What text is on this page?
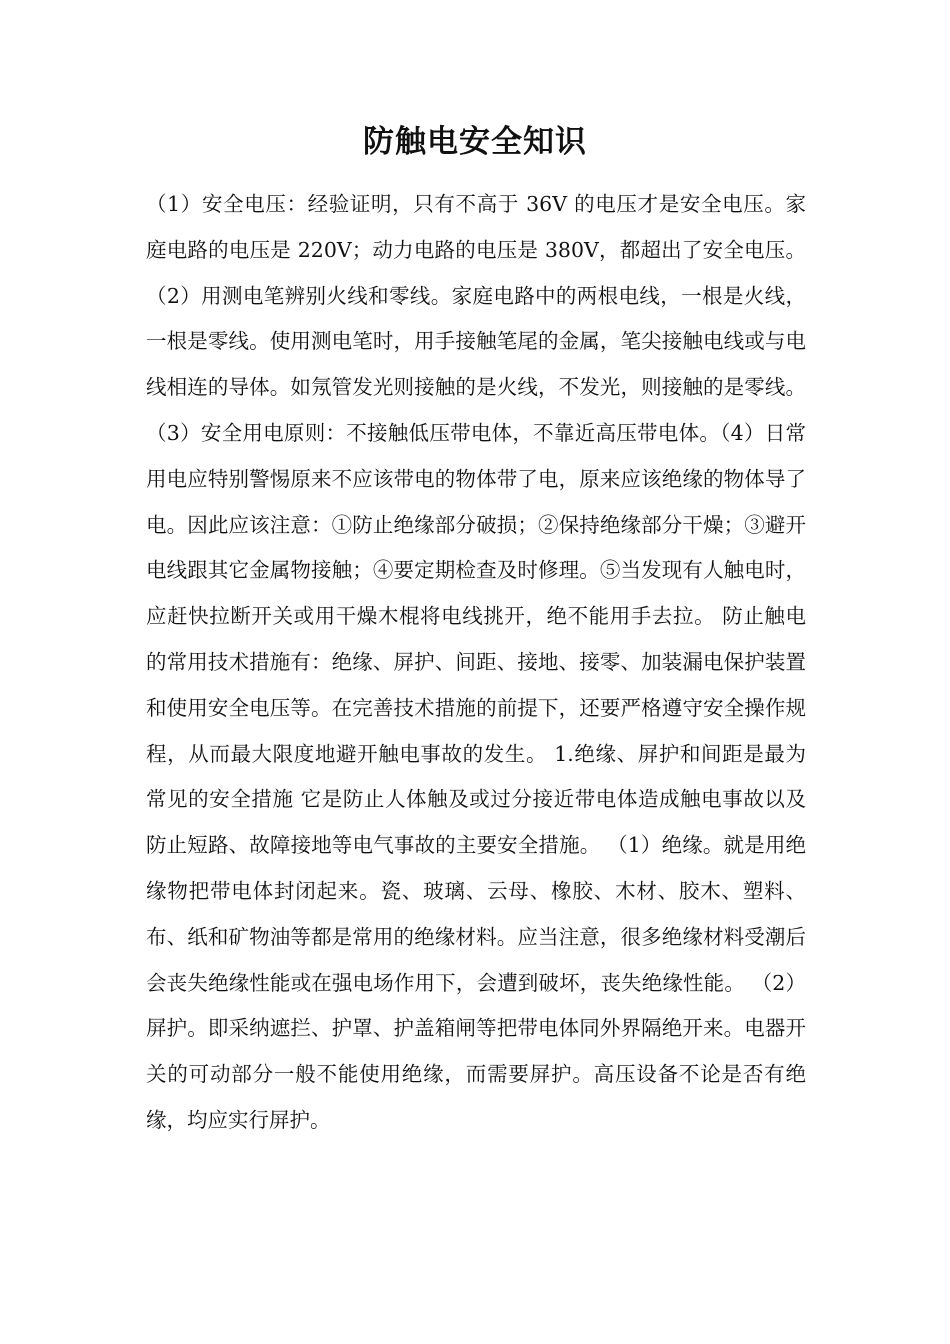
防触电安全知识

（1）安全电压：经验证明，只有不高于 36V 的电压才是安全电压。家庭电路的电压是 220V；动力电路的电压是 380V，都超出了安全电压。（2）用测电笔辨别火线和零线。家庭电路中的两根电线，一根是火线，一根是零线。使用测电笔时，用手接触笔尾的金属，笔尖接触电线或与电线相连的导体。如氖管发光则接触的是火线，不发光，则接触的是零线。（3）安全用电原则：不接触低压带电体，不靠近高压带电体。（4）日常用电应特别警惕原来不应该带电的物体带了电，原来应该绝缘的物体导了电。因此应该注意：①防止绝缘部分破损；②保持绝缘部分干燥；③避开电线跟其它金属物接触；④要定期检查及时修理。⑤当发现有人触电时，应赶快拉断开关或用干燥木棍将电线挑开，绝不能用手去拉。 防止触电的常用技术措施有：绝缘、屏护、间距、接地、接零、加装漏电保护装置和使用安全电压等。在完善技术措施的前提下，还要严格遵守安全操作规程，从而最大限度地避开触电事故的发生。 1.绝缘、屏护和间距是最为常见的安全措施 它是防止人体触及或过分接近带电体造成触电事故以及防止短路、故障接地等电气事故的主要安全措施。 （1）绝缘。就是用绝缘物把带电体封闭起来。瓷、玻璃、云母、橡胶、木材、胶木、塑料、布、纸和矿物油等都是常用的绝缘材料。应当注意，很多绝缘材料受潮后会丧失绝缘性能或在强电场作用下，会遭到破坏，丧失绝缘性能。 （2）屏护。即采纳遮拦、护罩、护盖箱闸等把带电体同外界隔绝开来。电器开关的可动部分一般不能使用绝缘，而需要屏护。高压设备不论是否有绝缘，均应实行屏护。
